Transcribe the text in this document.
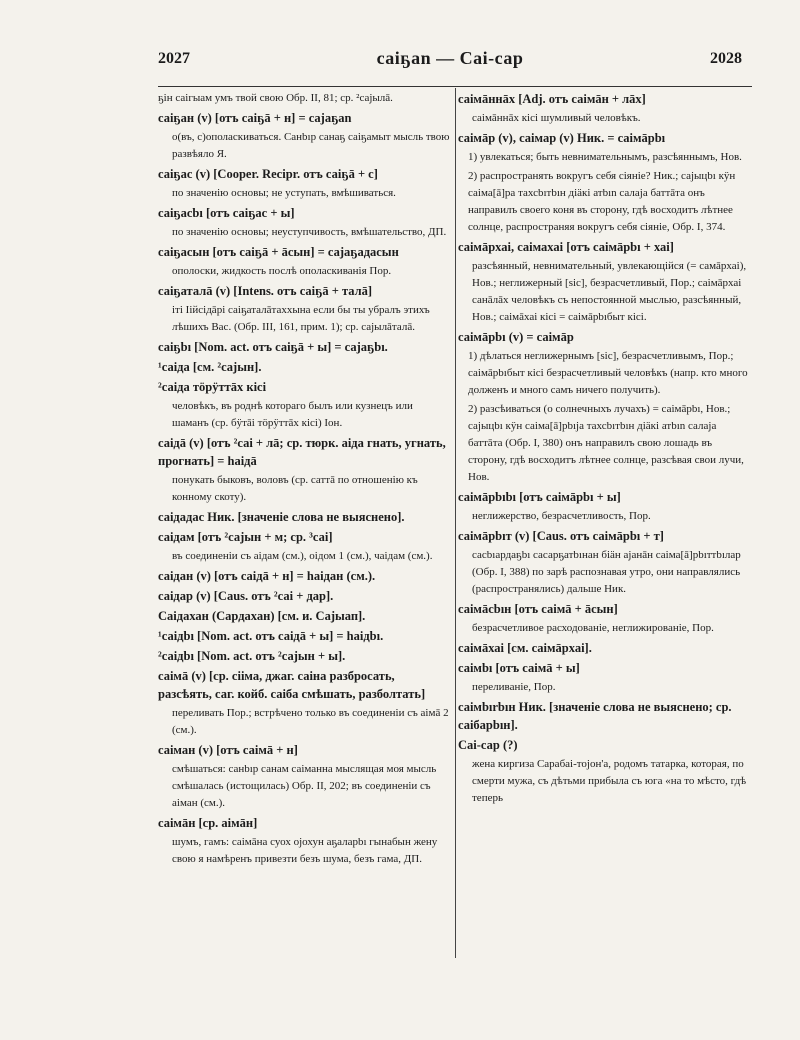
2027	саіҕаn — Саі-сар	2028
ҕін саігыам умъ твой свою Обр. II, 81; ср. ²саjылā.
саіҕан (v) [отъ саіҕā + н] = саjаҕаn
о(въ, с)ополаскиваться. Санbıр санаҕ саіҕамыт мысль твою развѣяло Я.
саіҕас (v) [Cooper. Recipr. отъ саіҕā + с]
по значенію основы; не уступать, вмѣшиваться.
саіҕасbı [отъ саіҕас + ы]
по значенію основы; неуступчивость, вмѣшательство, ДП.
саіҕасын [отъ саіҕā + āсын] = саjаҕадасын
ополоски, жидкость послѣ ополаскиванія Пор.
саіҕаталā (v) [Intens. отъ саіҕā + талā]
іті Іійсідāрі саіҕаталāтаххына если бы ты убралъ этихъ лѣшихъ Вас. (Обр. III, 161, прим. 1); ср. саjылāталā.
саіҕbı [Nom. act. отъ саіҕā + ы] = саjаҕbı.
¹саіда [см. ²саjын].
²саіда тöрÿттāх кісі
человѣкъ, въ роднѣ котораго былъ или кузнецъ или шаманъ (ср. бÿтāі тöрÿттāх кісі) Іон.
саідā (v) [отъ ²саі + лā; ср. тюрк. аіда гнать, угнать, прогнать] = һаідā
понукать быковъ, воловъ (ср. саттā по отношенію къ конному скоту).
саідадас Ник. [значеніе слова не выяснено].
саідам [отъ ²саjын + м; ср. ³саі]
въ соединеніи съ аідам (см.), оідом 1 (см.), чаідам (см.).
саідан (v) [отъ саідā + н] = һаідан (см.).
саідар (v) [Caus. отъ ²саі + дар].
Саідахан (Сардахан) [см. и. Саjыап].
¹саідbı [Nom. act. отъ саідā + ы] = һаідbı.
²саідbı [Nom. act. отъ ²саjын + ы].
саімā (v) [ср. сііма, джаг. саіна разбросать, разсѣять, саг. койб. саіба смѣшать, разболтать]
переливать Пор.; встрѣчено только въ соединеніи съ аімā 2 (см.).
саіман (v) [отъ саімā + н]
смѣшаться: санbıр санам саіманна мыслящая моя мысль смѣшалась (истощилась) Обр. II, 202; въ соединеніи съ аіман (см.).
саімāн [ср. аімāн]
шумъ, гамъ: саімāна суох оjохун аҕаларbı гынабын жену свою я намѣренъ привезти безъ шума, безъ гама, ДП.
саімāннāх [Adj. отъ саімāн + лāх]
саімāннāх кісі шумливый человѣкъ.
саімāр (v), саімар (v) Ник. = саімāрbı
1) увлекаться; быть невнимательнымъ, разсѣяннымъ, Нов.
2) распространять вокругъ себя сіяніе? Ник.; саjыцbı кÿн саіма[ā]ра тахсbıтbıн діäкі атbın салаjа баттāта онъ направилъ своего коня въ сторону, гдѣ восходитъ лѣтнее солнце, распространяя вокругъ себя сіяніе, Обр. I, 374.
саімāрхаі, саімахаі [отъ саімāрbı + хаі]
разсѣянный, невнимательный, увлекающійся (= самāрхаі), Нов.; неглижерный [sic], безрасчетливый, Пор.; саімāрхаі санāлāх человѣкъ съ непостоянной мыслью, разсѣянный, Нов.; саімāхаі кісі = саімāрbıбыт кісі.
саімāрbı (v) = саімāр
1) дѣлаться неглижернымъ [sic], безрасчетливымъ, Пор.; саімāрbıбыт кісі безрасчетливый человѣкъ (напр. кто много долженъ и много самъ ничего получить).
2) разсѣиваться (о солнечныхъ лучахъ) = саімāрbı, Нов.; саjыцbı кÿн саіма[ā]рbıја тахсbıтbıн діäкі атbın салаjа баттāта (Обр. I, 380) онъ направилъ свою лошадь въ сторону, гдѣ восходитъ лѣтнее солнце, разсѣвая свои лучи, Нов.
саімāрbıbı [отъ саімāрbı + ы]
неглижерство, безрасчетливость, Пор.
саімāрbıт (v) [Caus. отъ саімāрbı + т]
сасbıардаҕbı сасарҕатbıнан біäн аjанāн саіма[ā]рbıттbıлар (Обр. I, 388) по зарѣ распознавая утро, они направлялись (распространялись) дальше Ник.
саімāсbıн [отъ саімā + āсын]
безрасчетливое расходованіе, неглижированіе, Пор.
саімāхаі [см. саімāрхаі].
саімbı [отъ саімā + ы]
переливаніе, Пор.
саімbırbıн Ник. [значеніе слова не выяснено; ср. саібарbıн].
Саі-сар (?)
жена киргиза Сарабаі-тоjон'а, родомъ татарка, которая, по смерти мужа, съ дѣтьми прибыла съ юга «на то мѣсто, гдѣ теперь
